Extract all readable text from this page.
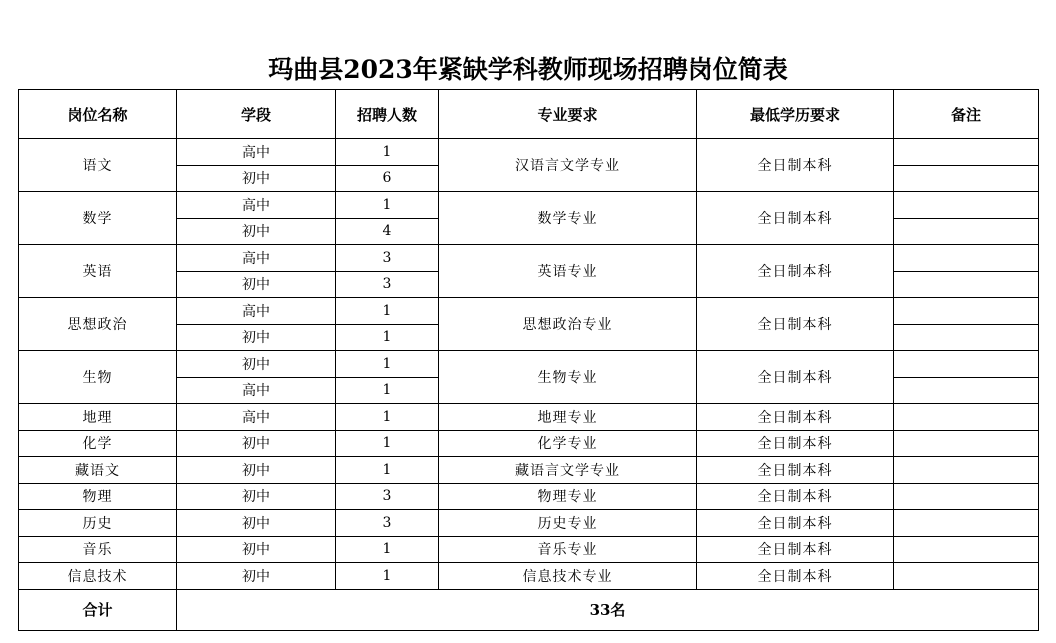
玛曲县2023年紧缺学科教师现场招聘岗位简表
岗位名称	学段	招聘人数	专业要求	最低学历要求	备注
语文	高中	1	汉语言文学专业	全日制本科	
	初中	6			
数学	高中	1	数学专业	全日制本科	
	初中	4			
英语	高中	3	英语专业	全日制本科	
	初中	3			
思想政治	高中	1	思想政治专业	全日制本科	
	初中	1			
生物	初中	1	生物专业	全日制本科	
	高中	1			
地理	高中	1	地理专业	全日制本科	
化学	初中	1	化学专业	全日制本科	
藏语文	初中	1	藏语言文学专业	全日制本科	
物理	初中	3	物理专业	全日制本科	
历史	初中	3	历史专业	全日制本科	
音乐	初中	1	音乐专业	全日制本科	
信息技术	初中	1	信息技术专业	全日制本科	
合计	33名				
